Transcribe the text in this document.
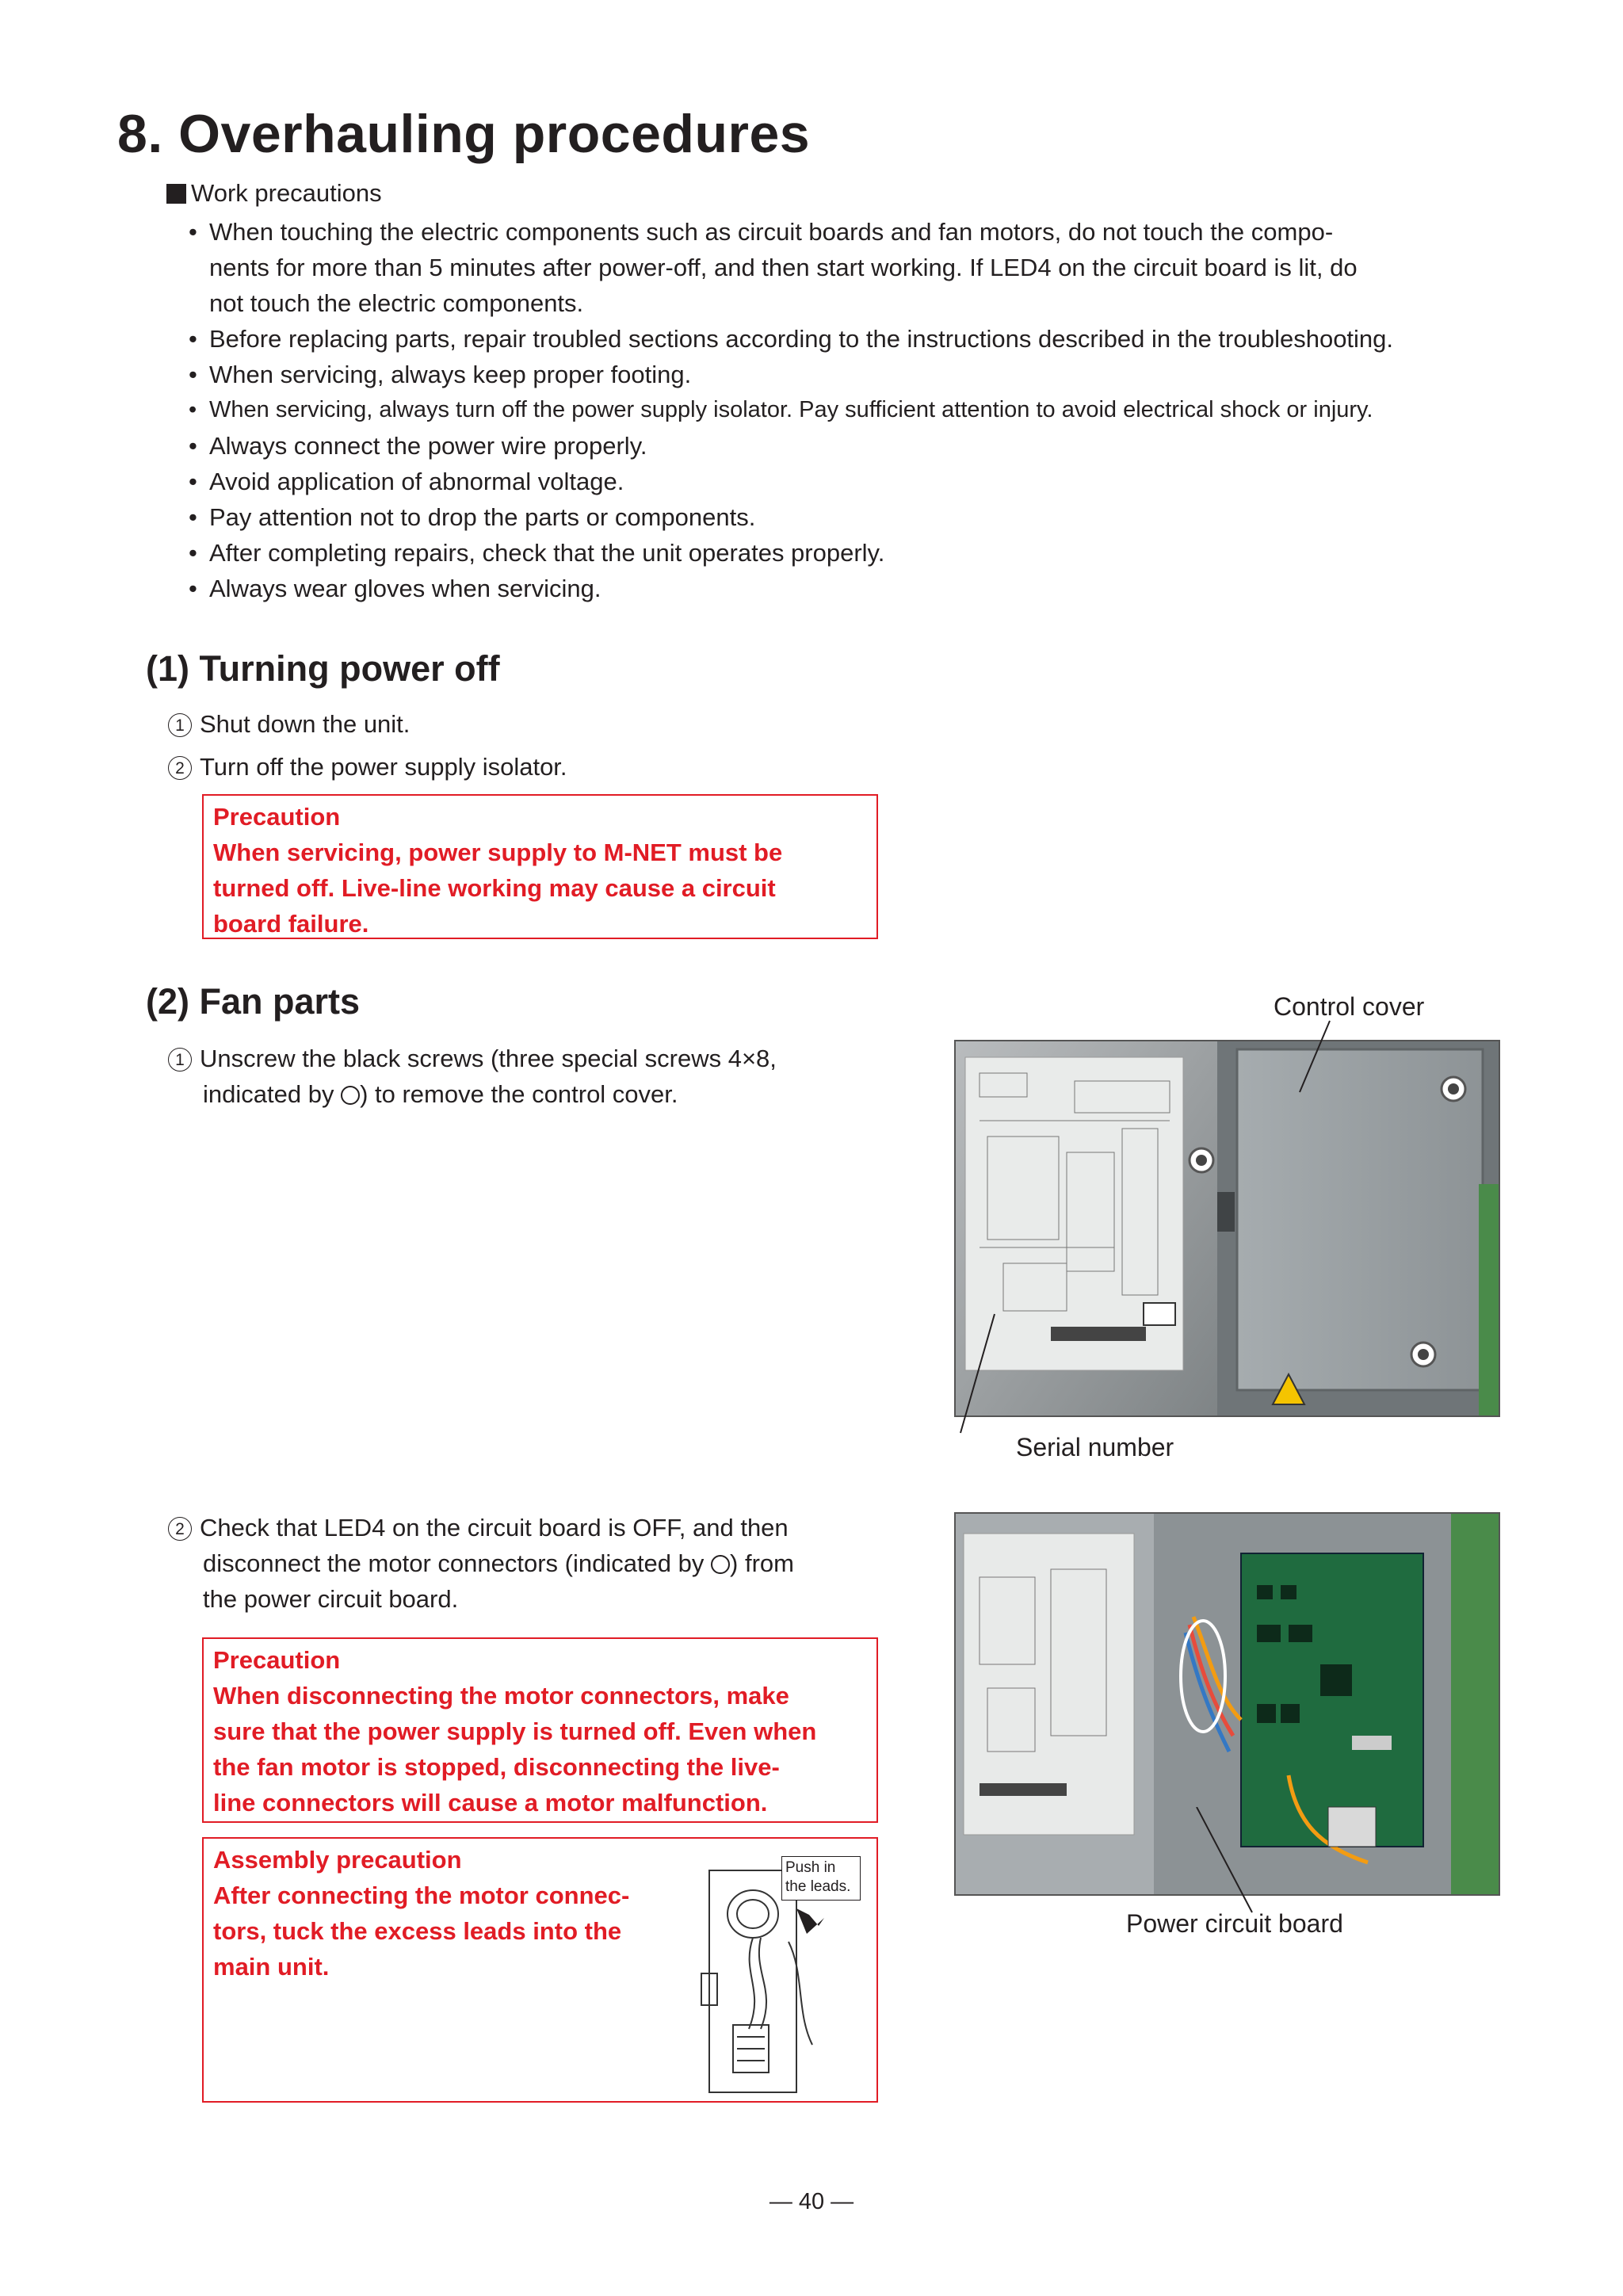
8. Overhauling procedures
Work precautions
• When touching the electric components such as circuit boards and fan motors, do not touch the compo-
nents for more than 5 minutes after power-off, and then start working. If LED4 on the circuit board is lit, do
not touch the electric components.
• Before replacing parts, repair troubled sections according to the instructions described in the troubleshooting.
• When servicing, always keep proper footing.
• When servicing, always turn off the power supply isolator. Pay sufficient attention to avoid electrical shock or injury.
• Always connect the power wire properly.
• Avoid application of abnormal voltage.
• Pay attention not to drop the parts or components.
• After completing repairs, check that the unit operates properly.
• Always wear gloves when servicing.
(1) Turning power off
1 Shut down the unit.
2 Turn off the power supply isolator.
Precaution
When servicing, power supply to M-NET must be
turned off. Live-line working may cause a circuit
board failure.
(2) Fan parts
1 Unscrew the black screws (three special screws 4×8,
indicated by ) to remove the control cover.
Control cover
Serial number
2 Check that LED4 on the circuit board is OFF, and then
disconnect the motor connectors (indicated by ) from
the power circuit board.
Precaution
When disconnecting the motor connectors, make
sure that the power supply is turned off. Even when
the fan motor is stopped, disconnecting the live-
line connectors will cause a motor malfunction.
Assembly precaution
After connecting the motor connec-
tors, tuck the excess leads into the
main unit.
Push in
the leads.
Power circuit board
— 40 —
